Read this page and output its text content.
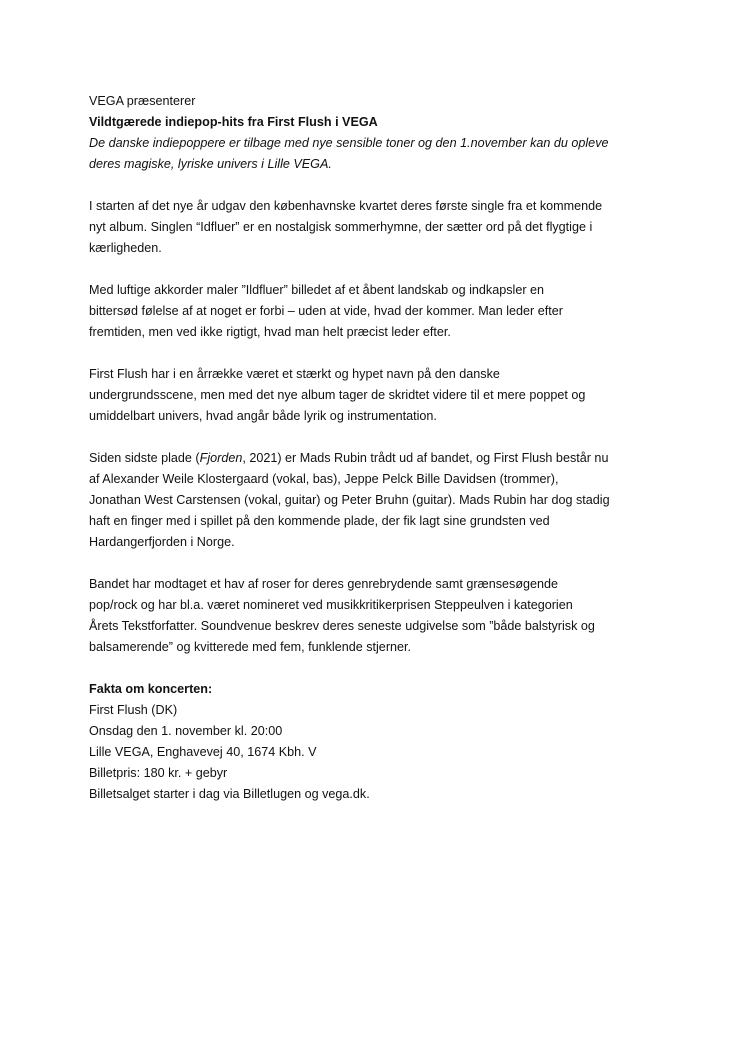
VEGA præsenterer
Vildtgærede indiepop-hits fra First Flush i VEGA
De danske indiepoppere er tilbage med nye sensible toner og den 1.november kan du opleve
deres magiske, lyriske univers i Lille VEGA.
I starten af det nye år udgav den københavnske kvartet deres første single fra et kommende
nyt album. Singlen “Idfluer” er en nostalgisk sommerhymne, der sætter ord på det flygtige i
kærligheden.
Med luftige akkorder maler ”Ildfluer” billedet af et åbent landskab og indkapsler en
bittersød følelse af at noget er forbi – uden at vide, hvad der kommer. Man leder efter
fremtiden, men ved ikke rigtigt, hvad man helt præcist leder efter.
First Flush har i en årrække været et stærkt og hypet navn på den danske
undergrundsscene, men med det nye album tager de skridtet videre til et mere poppet og
umiddelbart univers, hvad angår både lyrik og instrumentation.
Siden sidste plade (Fjorden, 2021) er Mads Rubin trådt ud af bandet, og First Flush består nu
af Alexander Weile Klostergaard (vokal, bas), Jeppe Pelck Bille Davidsen (trommer),
Jonathan West Carstensen (vokal, guitar) og Peter Bruhn (guitar). Mads Rubin har dog stadig
haft en finger med i spillet på den kommende plade, der fik lagt sine grundsten ved
Hardangerfjorden i Norge.
Bandet har modtaget et hav af roser for deres genrebrydende samt grænsesøgende
pop/rock og har bl.a. været nomineret ved musikkritikerprisen Steppeulven i kategorien
Årets Tekstforfatter. Soundvenue beskrev deres seneste udgivelse som ”både balstyrisk og
balsamerende” og kvitterede med fem, funklende stjerner.
Fakta om koncerten:
First Flush (DK)
Onsdag den 1. november kl. 20:00
Lille VEGA, Enghavevej 40, 1674 Kbh. V
Billetpris: 180 kr. + gebyr
Billetsalget starter i dag via Billetlugen og vega.dk.
